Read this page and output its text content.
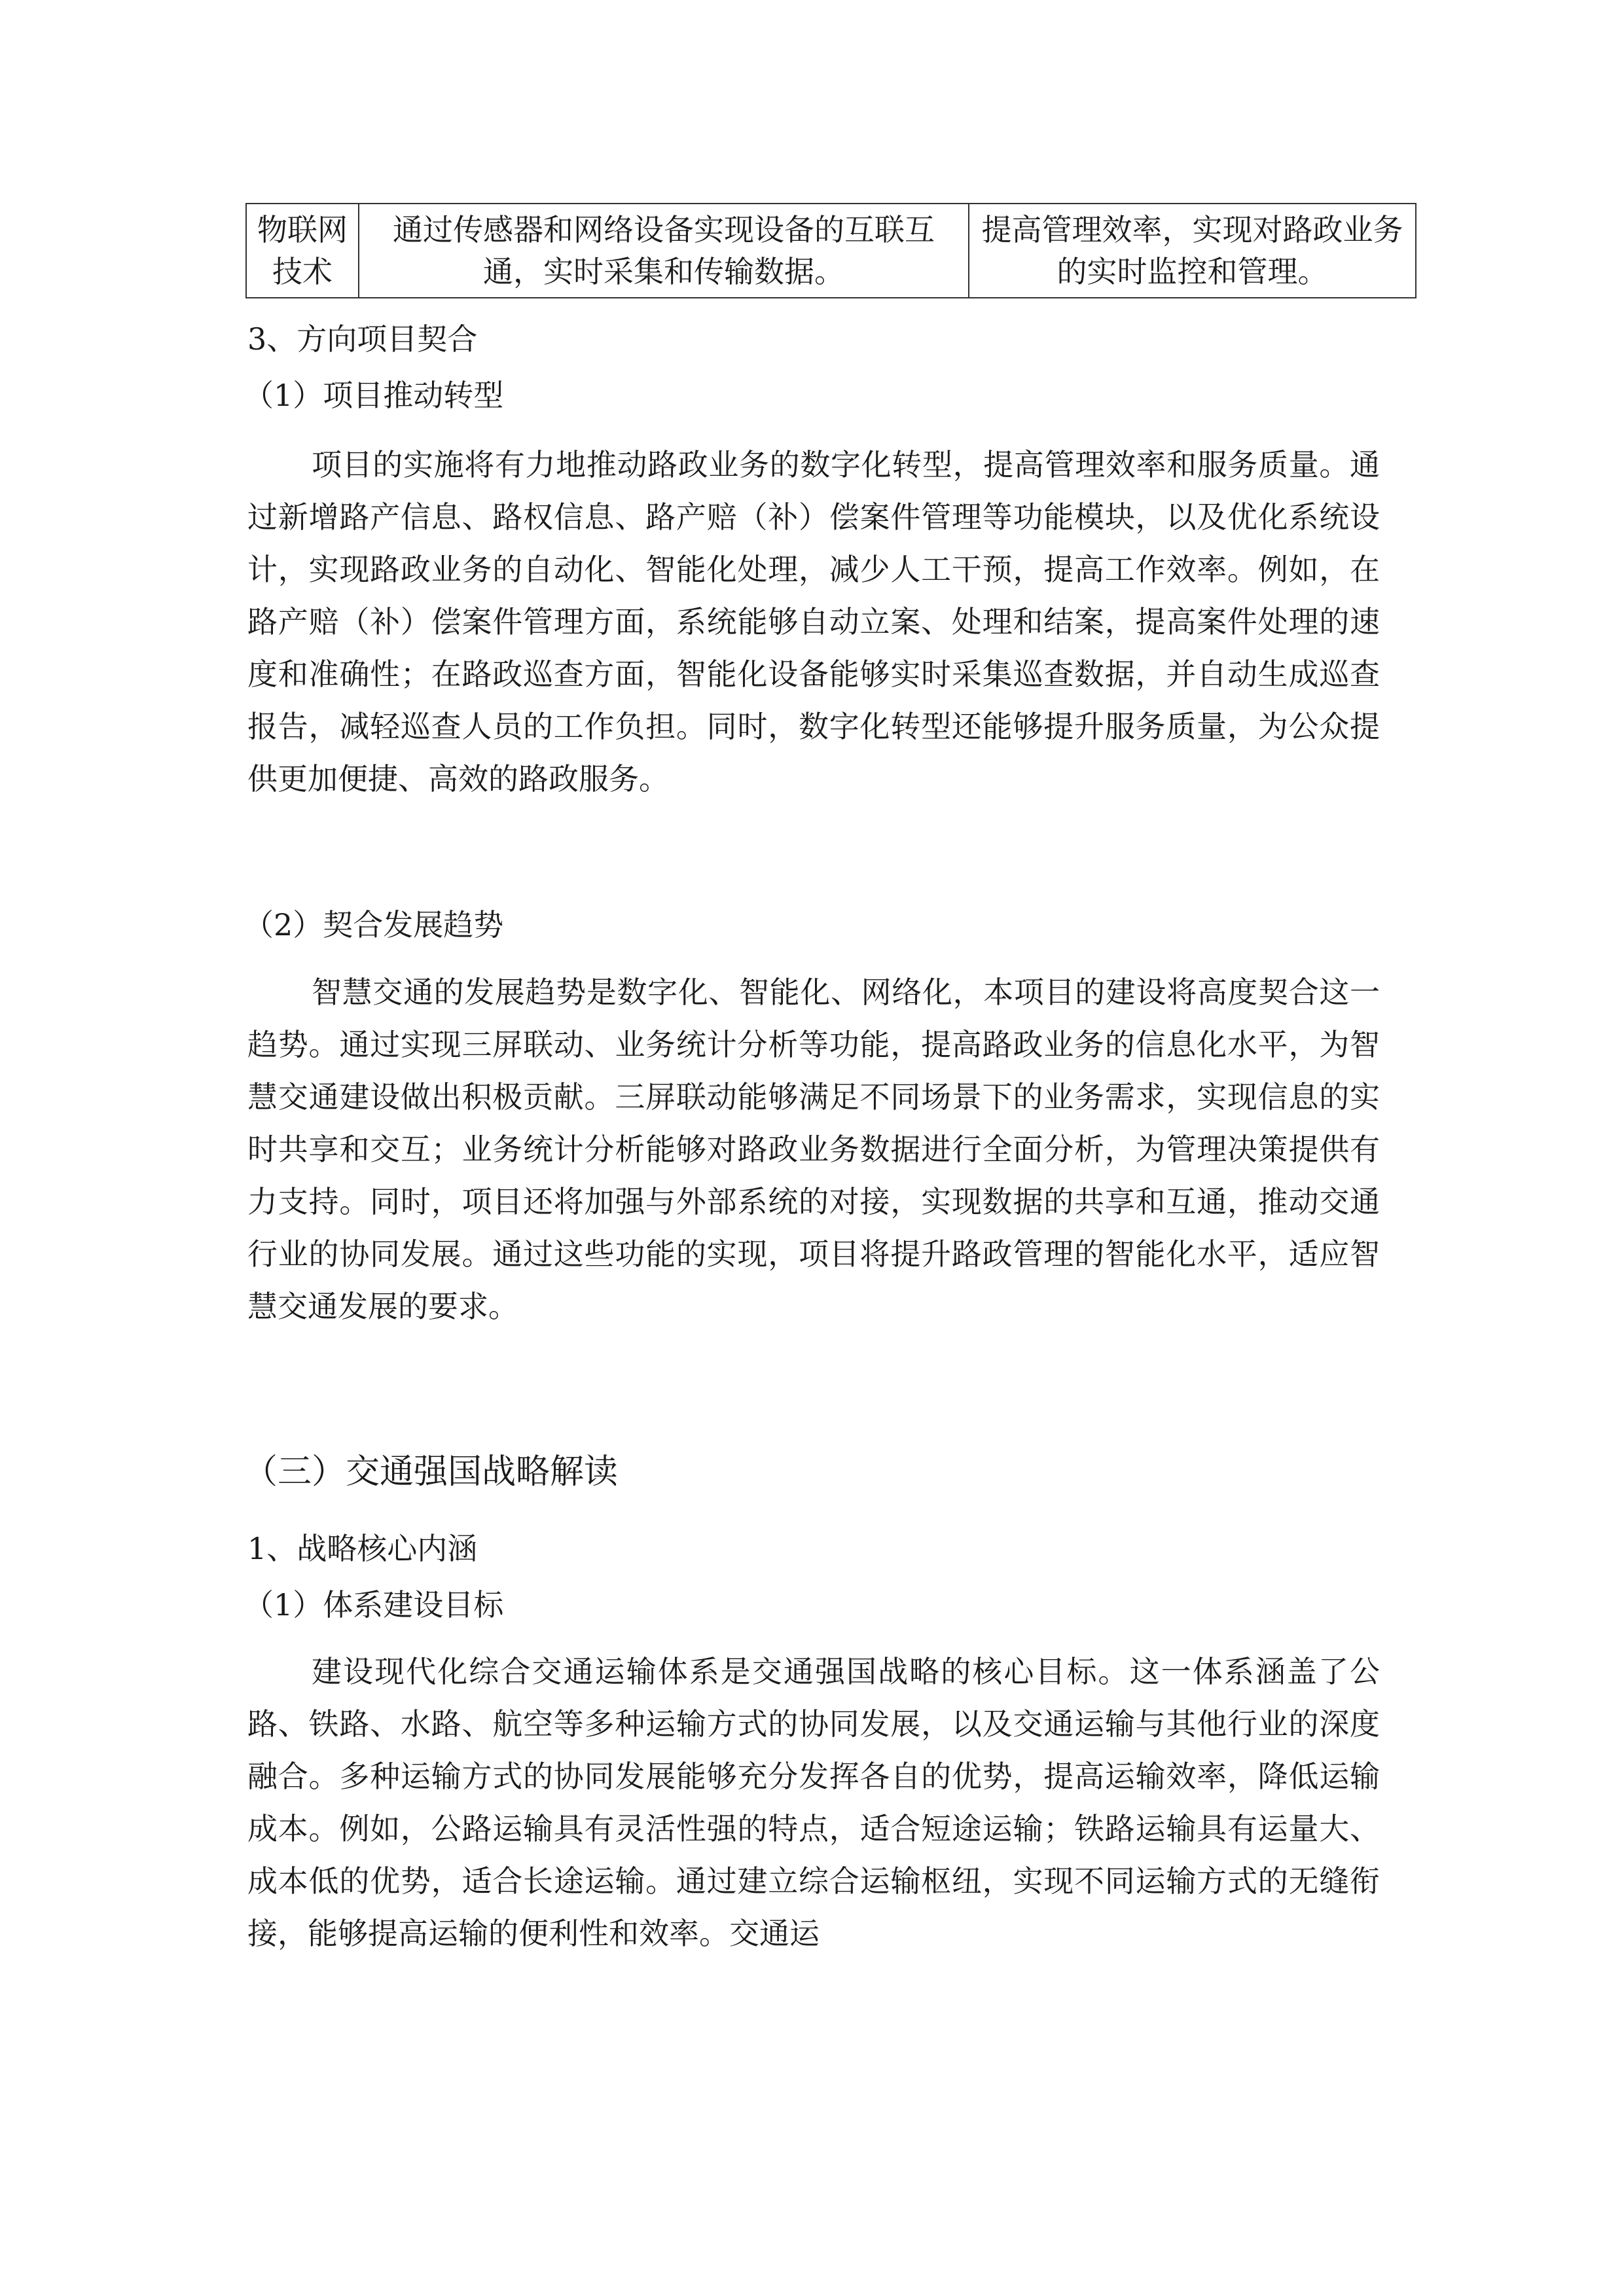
物联网技术	通过传感器和网络设备实现设备的互联互通，实时采集和传输数据。	提高管理效率，实现对路政业务的实时监控和管理。
3、方向项目契合
（1）项目推动转型

项目的实施将有力地推动路政业务的数字化转型，提高管理效率和服务质量。通过新增路产信息、路权信息、路产赔（补）偿案件管理等功能模块，以及优化系统设计，实现路政业务的自动化、智能化处理，减少人工干预，提高工作效率。例如，在路产赔（补）偿案件管理方面，系统能够自动立案、处理和结案，提高案件处理的速度和准确性；在路政巡查方面，智能化设备能够实时采集巡查数据，并自动生成巡查报告，减轻巡查人员的工作负担。同时，数字化转型还能够提升服务质量，为公众提供更加便捷、高效的路政服务。

（2）契合发展趋势

智慧交通的发展趋势是数字化、智能化、网络化，本项目的建设将高度契合这一趋势。通过实现三屏联动、业务统计分析等功能，提高路政业务的信息化水平，为智慧交通建设做出积极贡献。三屏联动能够满足不同场景下的业务需求，实现信息的实时共享和交互；业务统计分析能够对路政业务数据进行全面分析，为管理决策提供有力支持。同时，项目还将加强与外部系统的对接，实现数据的共享和互通，推动交通行业的协同发展。通过这些功能的实现，项目将提升路政管理的智能化水平，适应智慧交通发展的要求。

（三）交通强国战略解读
1、战略核心内涵
（1）体系建设目标

建设现代化综合交通运输体系是交通强国战略的核心目标。这一体系涵盖了公路、铁路、水路、航空等多种运输方式的协同发展，以及交通运输与其他行业的深度融合。多种运输方式的协同发展能够充分发挥各自的优势，提高运输效率，降低运输成本。例如，公路运输具有灵活性强的特点，适合短途运输；铁路运输具有运量大、成本低的优势，适合长途运输。通过建立综合运输枢纽，实现不同运输方式的无缝衔接，能够提高运输的便利性和效率。交通运
